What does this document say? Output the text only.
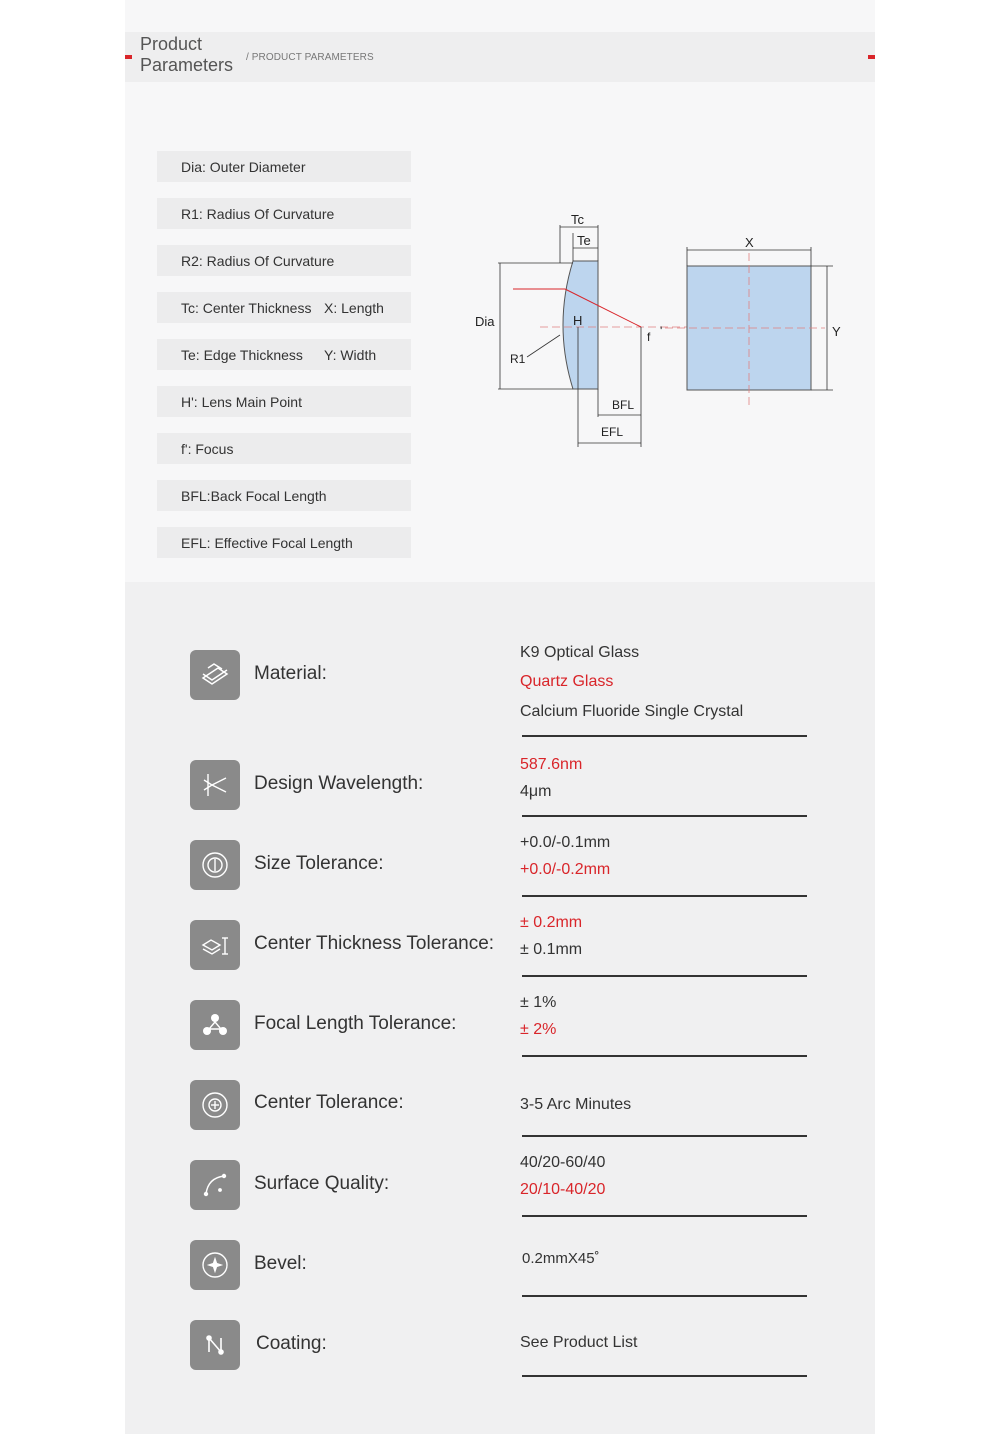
Product
Parameters / PRODUCT PARAMETERS
Dia: Outer Diameter
R1: Radius Of Curvature
R2: Radius Of Curvature
Tc: Center Thickness X: Length
Te: Edge Thickness Y: Width
H': Lens Main Point
f': Focus
BFL:Back Focal Length
EFL: Effective Focal Length
Dia
Tc
Te
H
R1
f '
BFL
EFL
X
Y
Material:
K9 Optical Glass
Quartz Glass
Calcium Fluoride Single Crystal
Design Wavelength:
587.6nm
4μm
Size Tolerance:
+0.0/-0.1mm
+0.0/-0.2mm
Center Thickness Tolerance:
± 0.2mm
± 0.1mm
Focal Length Tolerance:
± 1%
± 2%
Center Tolerance:	3-5 Arc Minutes
Surface Quality:
40/20-60/40
20/10-40/20
Bevel:	0.2mmX45˚
Coating:	See Product List
